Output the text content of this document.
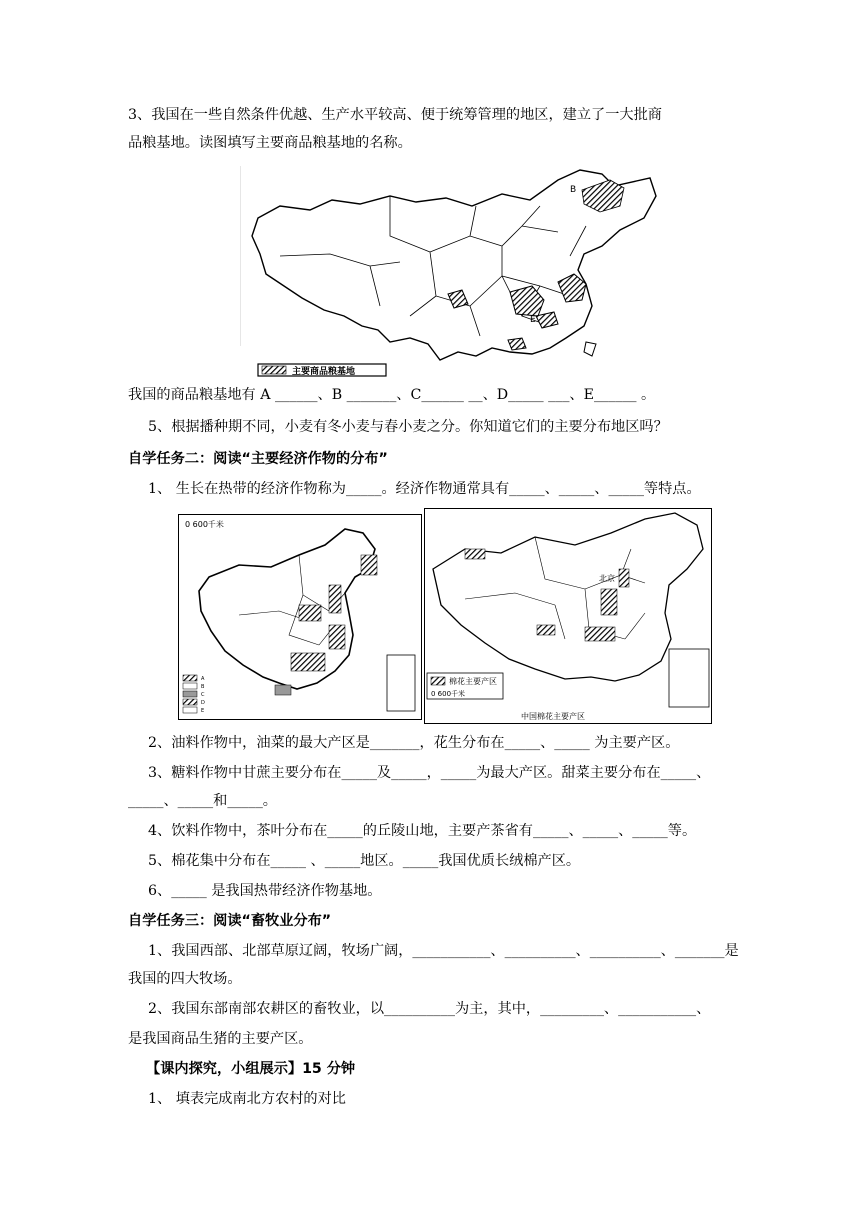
3、我国在一些自然条件优越、生产水平较高、便于统筹管理的地区，建立了一大批商
品粮基地。读图填写主要商品粮基地的名称。
B
E
主要商品粮基地
我国的商品粮基地有 A ______、B _______、C______ __、D_____ ___、E______ 。
5、根据播种期不同，小麦有冬小麦与春小麦之分。你知道它们的主要分布地区吗？
自学任务二：阅读“主要经济作物的分布”
1、 生长在热带的经济作物称为_____。经济作物通常具有_____、_____、_____等特点。
0 600千米
A
B
C
D
E
北京
棉花主要产区
0 600千米
中国棉花主要产区
2、油料作物中，油菜的最大产区是_______，花生分布在_____、_____ 为主要产区。
3、糖料作物中甘蔗主要分布在_____及_____，_____为最大产区。甜菜主要分布在_____、
_____、_____和_____。
4、饮料作物中，茶叶分布在_____的丘陵山地，主要产茶省有_____、_____、_____等。
5、棉花集中分布在_____ 、_____地区。_____我国优质长绒棉产区。
6、_____ 是我国热带经济作物基地。
自学任务三：阅读“畜牧业分布”
1、我国西部、北部草原辽阔，牧场广阔，___________、__________、__________、_______是
我国的四大牧场。
2、我国东部南部农耕区的畜牧业，以__________为主，其中，_________、___________、
是我国商品生猪的主要产区。
【课内探究，小组展示】15 分钟
1、 填表完成南北方农村的对比
